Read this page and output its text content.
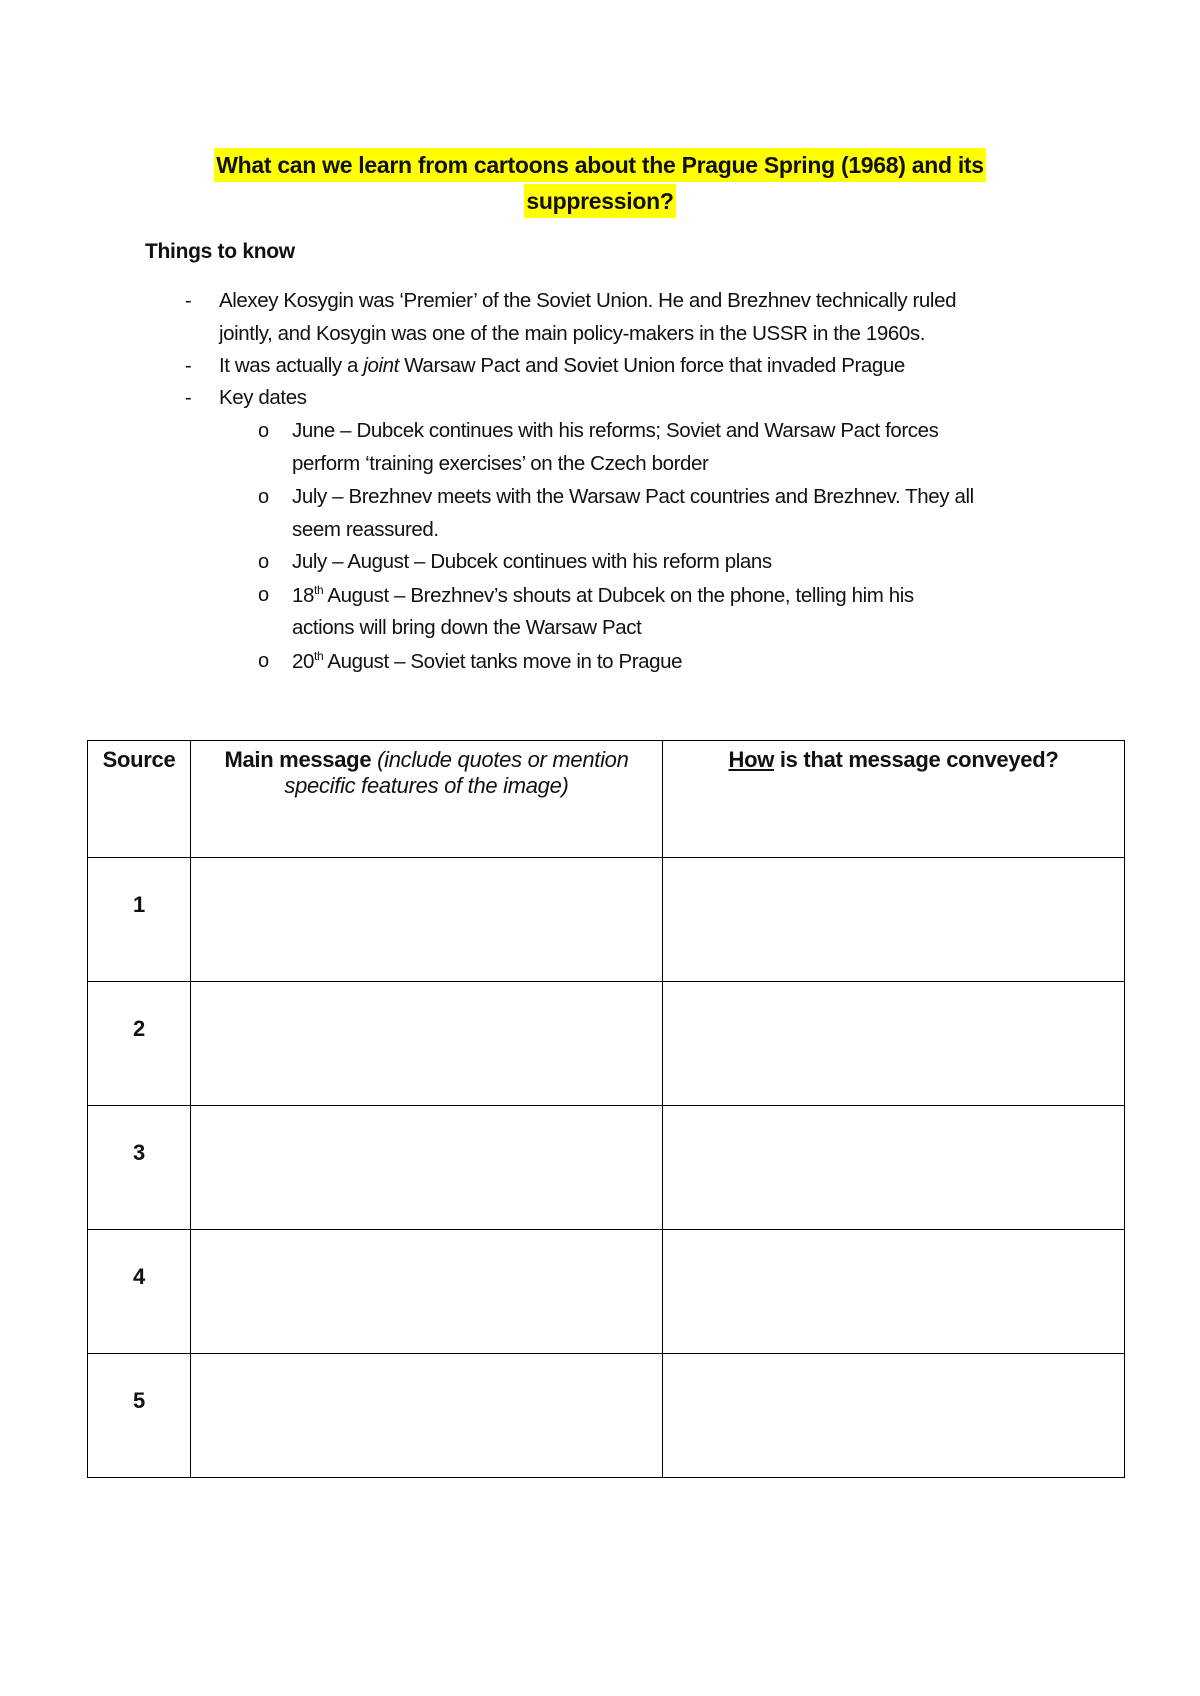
What can we learn from cartoons about the Prague Spring (1968) and its
suppression?
Things to know
- Alexey Kosygin was ‘Premier’ of the Soviet Union. He and Brezhnev technically ruled
jointly, and Kosygin was one of the main policy-makers in the USSR in the 1960s.
- It was actually a joint Warsaw Pact and Soviet Union force that invaded Prague
- Key dates
o June – Dubcek continues with his reforms; Soviet and Warsaw Pact forces
perform ‘training exercises’ on the Czech border
o July – Brezhnev meets with the Warsaw Pact countries and Brezhnev. They all
seem reassured.
o July – August – Dubcek continues with his reform plans
o 18th August – Brezhnev’s shouts at Dubcek on the phone, telling him his
actions will bring down the Warsaw Pact
o 20th August – Soviet tanks move in to Prague
Source	Main message (include quotes or mention specific features of the image)	How is that message conveyed?
1		
2		
3		
4		
5		
